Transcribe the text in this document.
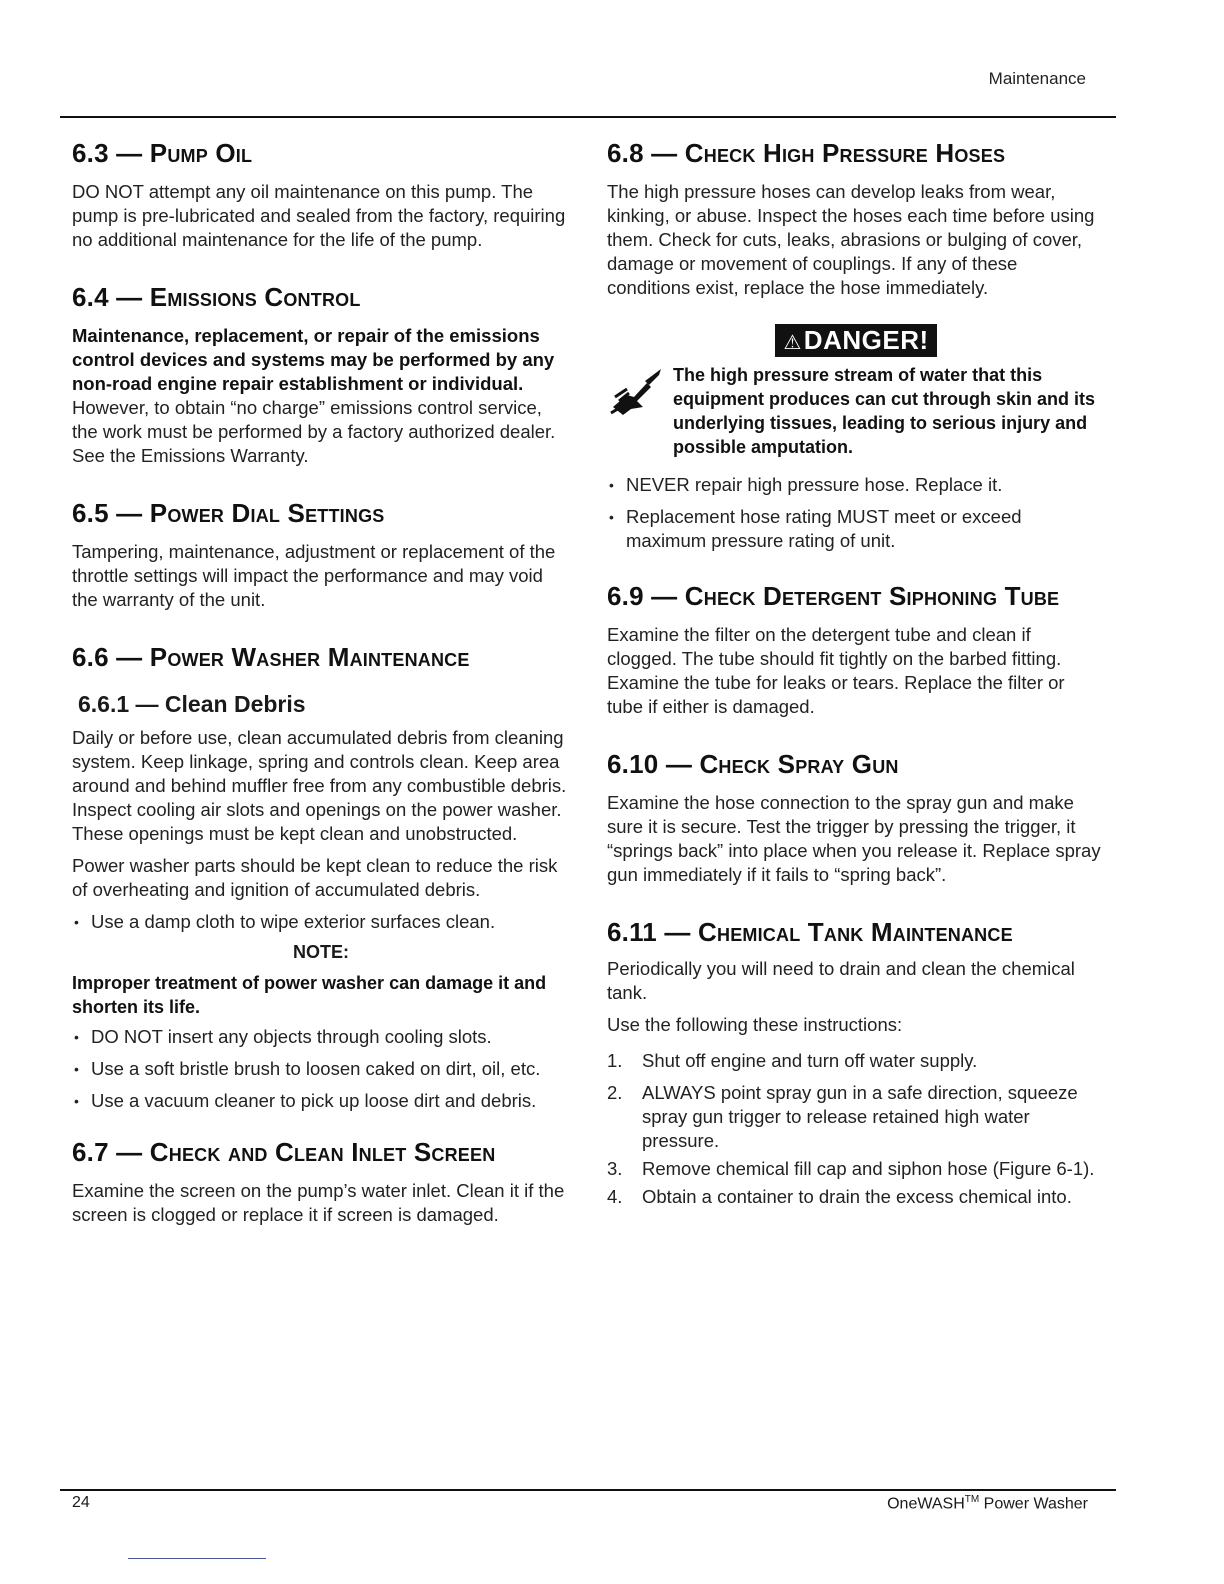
Maintenance
6.3 — Pump Oil

DO NOT attempt any oil maintenance on this pump. The pump is pre-lubricated and sealed from the factory, requiring no additional maintenance for the life of the pump.

6.4 — Emissions Control

Maintenance, replacement, or repair of the emissions control devices and systems may be performed by any non-road engine repair establishment or individual. However, to obtain “no charge” emissions control service, the work must be performed by a factory authorized dealer. See the Emissions Warranty.

6.5 — Power Dial Settings

Tampering, maintenance, adjustment or replacement of the throttle settings will impact the performance and may void the warranty of the unit.

6.6 — Power Washer Maintenance
6.6.1 — Clean Debris

Daily or before use, clean accumulated debris from cleaning system. Keep linkage, spring and controls clean. Keep area around and behind muffler free from any combustible debris. Inspect cooling air slots and openings on the power washer. These openings must be kept clean and unobstructed.

Power washer parts should be kept clean to reduce the risk of overheating and ignition of accumulated debris.

• Use a damp cloth to wipe exterior surfaces clean.
NOTE:
Improper treatment of power washer can damage it and shorten its life.
• DO NOT insert any objects through cooling slots.
• Use a soft bristle brush to loosen caked on dirt, oil, etc.
• Use a vacuum cleaner to pick up loose dirt and debris.
6.7 — Check and Clean Inlet Screen

Examine the screen on the pump’s water inlet. Clean it if the screen is clogged or replace it if screen is damaged.

6.8 — Check High Pressure Hoses

The high pressure hoses can develop leaks from wear, kinking, or abuse. Inspect the hoses each time before using them. Check for cuts, leaks, abrasions or bulging of cover, damage or movement of couplings. If any of these conditions exist, replace the hose immediately.

⚠DANGER!
The high pressure stream of water that this equipment produces can cut through skin and its underlying tissues, leading to serious injury and possible amputation.
• NEVER repair high pressure hose. Replace it.
• Replacement hose rating MUST meet or exceed maximum pressure rating of unit.
6.9 — Check Detergent Siphoning Tube

Examine the filter on the detergent tube and clean if clogged. The tube should fit tightly on the barbed fitting. Examine the tube for leaks or tears. Replace the filter or tube if either is damaged.

6.10 — Check Spray Gun

Examine the hose connection to the spray gun and make sure it is secure. Test the trigger by pressing the trigger, it “springs back” into place when you release it. Replace spray gun immediately if it fails to “spring back”.

6.11 — Chemical Tank Maintenance

Periodically you will need to drain and clean the chemical tank.

Use the following these instructions:

1. Shut off engine and turn off water supply.
2. ALWAYS point spray gun in a safe direction, squeeze spray gun trigger to release retained high water pressure.
3. Remove chemical fill cap and siphon hose (Figure 6-1).
4. Obtain a container to drain the excess chemical into.
24	OneWASH™ Power Washer
